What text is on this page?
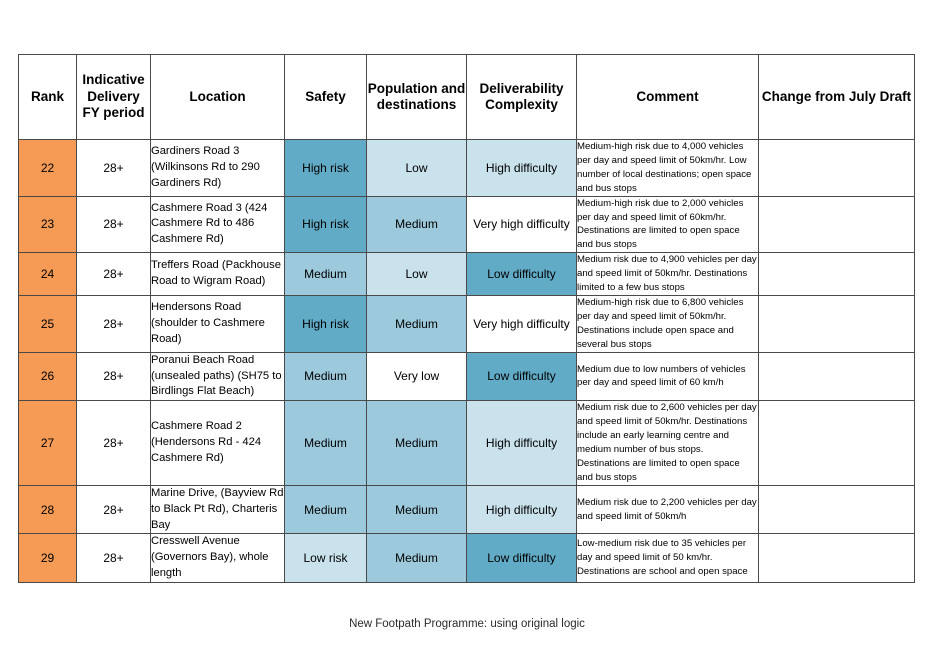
Rank	Indicative Delivery FY period	Location	Safety	Population and destinations	Deliverability Complexity	Comment	Change from July Draft
22	28+	Gardiners Road 3 (Wilkinsons Rd to 290 Gardiners Rd)	High risk	Low	High difficulty	Medium-high risk due to 4,000 vehicles per day and speed limit of 50km/hr. Low number of local destinations; open space and bus stops	
23	28+	Cashmere Road 3 (424 Cashmere Rd to 486 Cashmere Rd)	High risk	Medium	Very high difficulty	Medium-high risk due to 2,000 vehicles per day and speed limit of 60km/hr. Destinations are limited to open space and bus stops	
24	28+	Treffers Road (Packhouse Road to Wigram Road)	Medium	Low	Low difficulty	Medium risk due to 4,900 vehicles per day and speed limit of 50km/hr. Destinations limited to a few bus stops	
25	28+	Hendersons Road (shoulder to Cashmere Road)	High risk	Medium	Very high difficulty	Medium-high risk due to 6,800 vehicles per day and speed limit of 50km/hr. Destinations include open space and several bus stops	
26	28+	Poranui Beach Road (unsealed paths) (SH75 to Birdlings Flat Beach)	Medium	Very low	Low difficulty	Medium due to low numbers of vehicles per day and speed limit of 60 km/h	
27	28+	Cashmere Road 2 (Hendersons Rd - 424 Cashmere Rd)	Medium	Medium	High difficulty	Medium risk due to 2,600 vehicles per day and speed limit of 50km/hr. Destinations include an early learning centre and medium number of bus stops. Destinations are limited to open space and bus stops	
28	28+	Marine Drive, (Bayview Rd to Black Pt Rd), Charteris Bay	Medium	Medium	High difficulty	Medium risk due to 2,200 vehicles per day and speed limit of 50km/h	
29	28+	Cresswell Avenue (Governors Bay), whole length	Low risk	Medium	Low difficulty	Low-medium risk due to 35 vehicles per day and speed limit of 50 km/hr. Destinations are school and open space	
New Footpath Programme: using original logic
